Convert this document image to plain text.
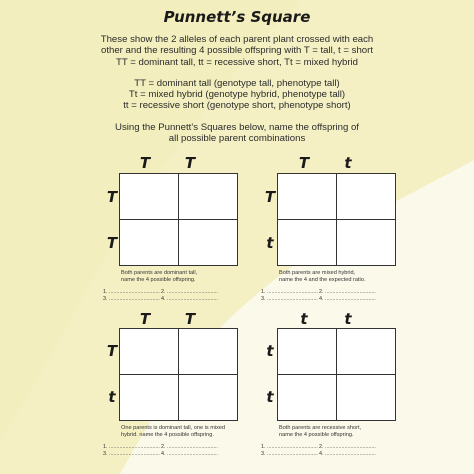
Punnett’s Square

These show the 2 alleles of each parent plant crossed with each

other and the resulting 4 possible offspring with T = tall, t = short

TT = dominant tall, tt = recessive short, Tt = mixed hybrid

TT = dominant tall (genotype tall, phenotype tall)

Tt = mixed hybrid (genotype hybrid, phenotype tall)

tt = recessive short (genotype short, phenotype short)

Using the Punnett’s Squares below, name the offspring of

all possible parent combinations

T T
T
T
Both parents are dominant tall,
name the 4 possible offspring.
1. ..................................2. ..................................
3. ..................................4. ..................................
T t
T
t
Both parents are mixed hybrid,
name the 4 and the expected ratio.
1. ..................................2. ..................................
3. ..................................4. ..................................
T T
T
t
One parents is dominant tall, one is mixed
hybrid. name the 4 possible offspring.
1. ..................................2. ..................................
3. ..................................4. ..................................
t t
t
t
Both parents are recessive short,
name the 4 possible offspring.
1. ..................................2. ..................................
3. ..................................4. ..................................
